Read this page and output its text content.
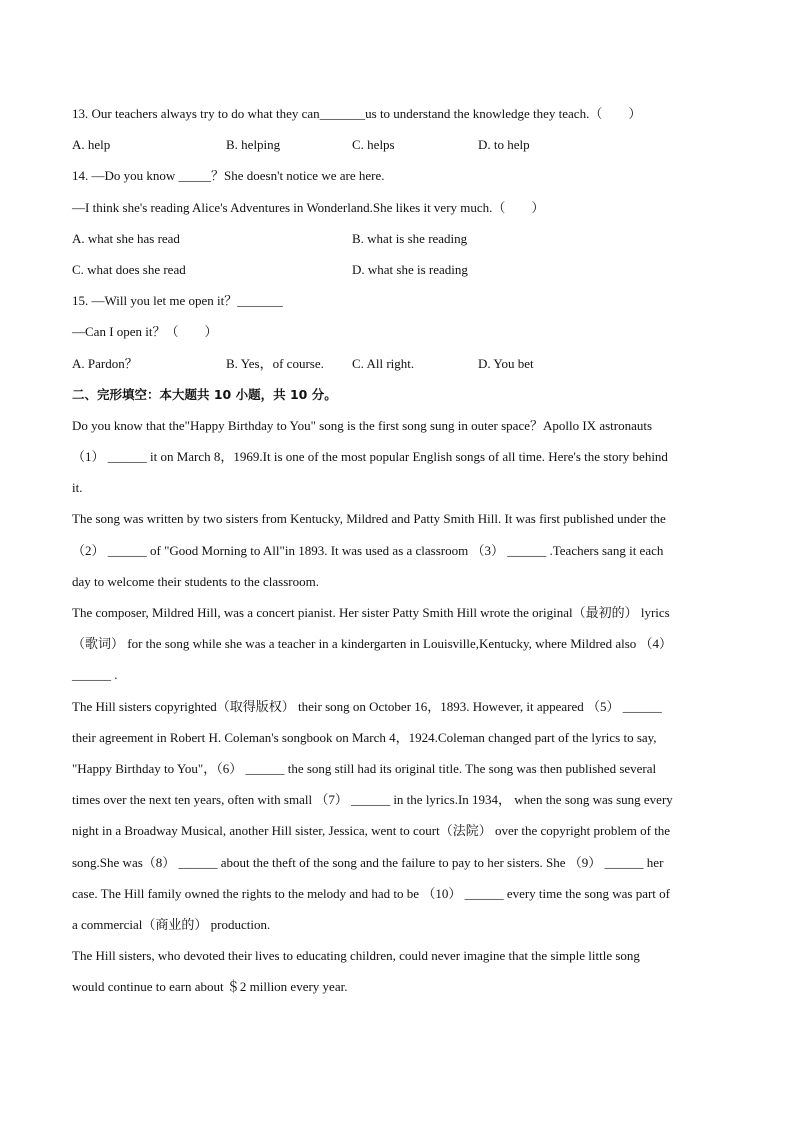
13. Our teachers always try to do what they can_______us to understand the knowledge they teach.（　　）
A. help	B. helping	C. helps	D. to help
14. —Do you know _____？She doesn't notice we are here.
—I think she's reading Alice's Adventures in Wonderland.She likes it very much.（　　）
A. what she has read	B. what is she reading
C. what does she read	D. what she is reading
15. —Will you let me open it？_______
—Can I open it？（　　）
A. Pardon？	B. Yes，of course. C. All right.	D. You bet
二、完形填空：本大题共 10 小题，共 10 分。
Do you know that the"Happy Birthday to You" song is the first song sung in outer space？Apollo IX astronauts
（1） ______ it on March 8，1969.It is one of the most popular English songs of all time. Here's the story behind
it.
The song was written by two sisters from Kentucky, Mildred and Patty Smith Hill. It was first published under the
（2） ______ of "Good Morning to All"in 1893. It was used as a classroom （3） ______ .Teachers sang it each
day to welcome their students to the classroom.
The composer, Mildred Hill, was a concert pianist. Her sister Patty Smith Hill wrote the original（最初的） lyrics
（歌词） for the song while she was a teacher in a kindergarten in Louisville,Kentucky, where Mildred also （4）
______ .
The Hill sisters copyrighted（取得版权） their song on October 16，1893. However, it appeared （5） ______
their agreement in Robert H. Coleman's songbook on March 4，1924.Coleman changed part of the lyrics to say,
"Happy Birthday to You"，（6） ______ the song still had its original title. The song was then published several
times over the next ten years, often with small （7） ______ in the lyrics.In 1934， when the song was sung every
night in a Broadway Musical, another Hill sister, Jessica, went to court（法院） over the copyright problem of the
song.She was（8） ______ about the theft of the song and the failure to pay to her sisters. She （9） ______ her
case. The Hill family owned the rights to the melody and had to be （10） ______ every time the song was part of
a commercial（商业的） production.
The Hill sisters, who devoted their lives to educating children, could never imagine that the simple little song
would continue to earn about ＄2 million every year.
